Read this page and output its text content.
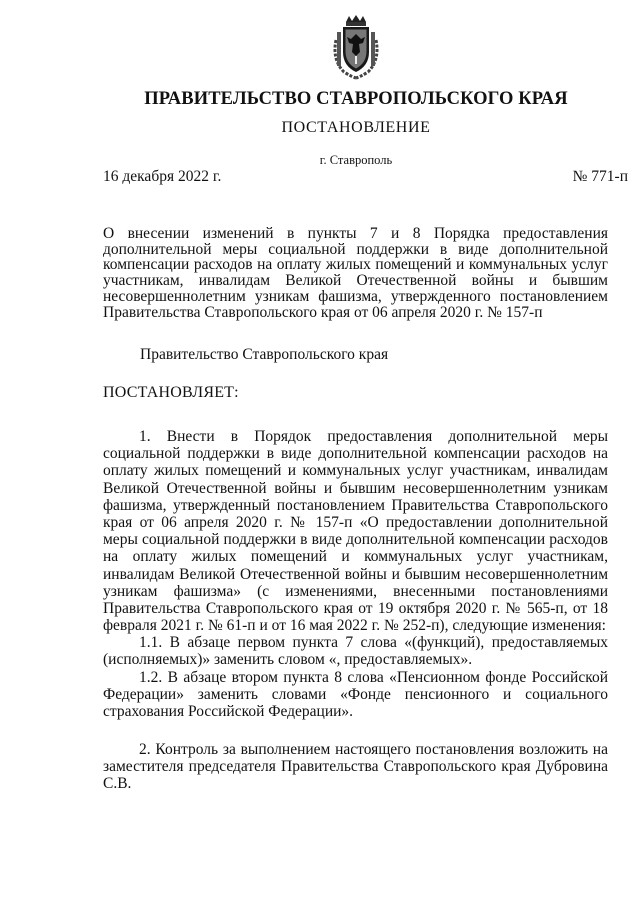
ПРАВИТЕЛЬСТВО СТАВРОПОЛЬСКОГО КРАЯ
ПОСТАНОВЛЕНИЕ
г. Ставрополь
16 декабря 2022 г.	№ 771-п
О внесении изменений в пункты 7 и 8 Порядка предоставления дополнительной меры социальной поддержки в виде дополнительной компенсации расходов на оплату жилых помещений и коммунальных услуг участникам, инвалидам Великой Отечественной войны и бывшим несовершеннолетним узникам фашизма, утвержденного постановлением Правительства Ставропольского края от 06 апреля 2020 г. № 157-п
Правительство Ставропольского края
ПОСТАНОВЛЯЕТ:
1. Внести в Порядок предоставления дополнительной меры социальной поддержки в виде дополнительной компенсации расходов на оплату жилых помещений и коммунальных услуг участникам, инвалидам Великой Отечественной войны и бывшим несовершеннолетним узникам фашизма, утвержденный постановлением Правительства Ставропольского края от 06 апреля 2020 г. № 157-п «О предоставлении дополнительной меры социальной поддержки в виде дополнительной компенсации расходов на оплату жилых помещений и коммунальных услуг участникам, инвалидам Великой Отечественной войны и бывшим несовершеннолетним узникам фашизма» (с изменениями, внесенными постановлениями Правительства Ставропольского края от 19 октября 2020 г. № 565-п, от 18 февраля 2021 г. № 61-п и от 16 мая 2022 г. № 252-п), следующие изменения:
1.1. В абзаце первом пункта 7 слова «(функций), предоставляемых (исполняемых)» заменить словом «, предоставляемых».
1.2. В абзаце втором пункта 8 слова «Пенсионном фонде Российской Федерации» заменить словами «Фонде пенсионного и социального страхования Российской Федерации».
2. Контроль за выполнением настоящего постановления возложить на заместителя председателя Правительства Ставропольского края Дубровина С.В.
